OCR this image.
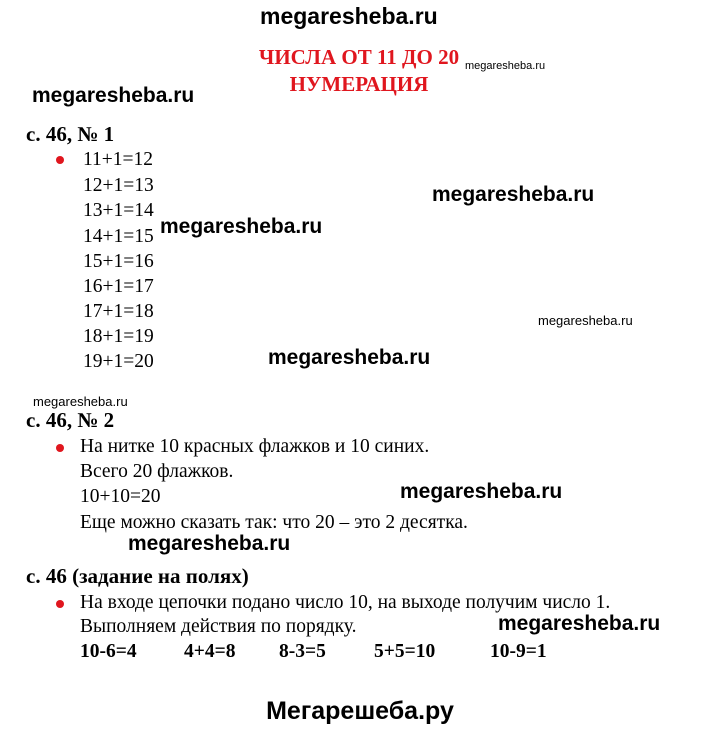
megaresheba.ru
megaresheba.ru
megaresheba.ru
megaresheba.ru
megaresheba.ru
megaresheba.ru
megaresheba.ru
megaresheba.ru
megaresheba.ru
megaresheba.ru
megaresheba.ru
ЧИСЛА ОТ 11 ДО 20
НУМЕРАЦИЯ
с. 46, № 1
11+1=12
12+1=13
13+1=14
14+1=15
15+1=16
16+1=17
17+1=18
18+1=19
19+1=20
с. 46, № 2
На нитке 10 красных флажков и 10 синих.
Всего 20 флажков.
10+10=20
Еще можно сказать так: что 20 – это 2 десятка.
с. 46 (задание на полях)
На входе цепочки подано число 10, на выходе получим число 1.
Выполняем действия по порядку.
10-6=4 4+4=8 8-3=5 5+5=10	10-9=1
Мегарешеба.ру
